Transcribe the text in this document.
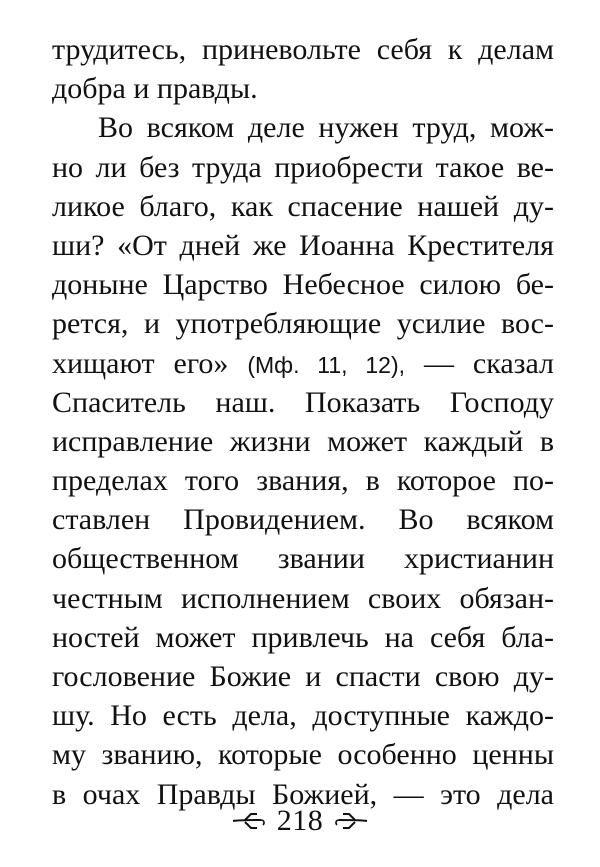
трудитесь, приневольте себя к делам
добра и правды.
Во всяком деле нужен труд, мож-
но ли без труда приобрести такое ве-
ликое благо, как спасение нашей ду-
ши? «От дней же Иоанна Крестителя
доныне Царство Небесное силою бе-
рется, и употребляющие усилие вос-
хищают его» (Мф. 11, 12), — сказал
Спаситель наш. Показать Господу
исправление жизни может каждый в
пределах того звания, в которое по-
ставлен Провидением. Во всяком
общественном звании христианин
честным исполнением своих обязан-
ностей может привлечь на себя бла-
гословение Божие и спасти свою ду-
шу. Но есть дела, доступные каждо-
му званию, которые особенно ценны
в очах Правды Божией, — это дела
218
